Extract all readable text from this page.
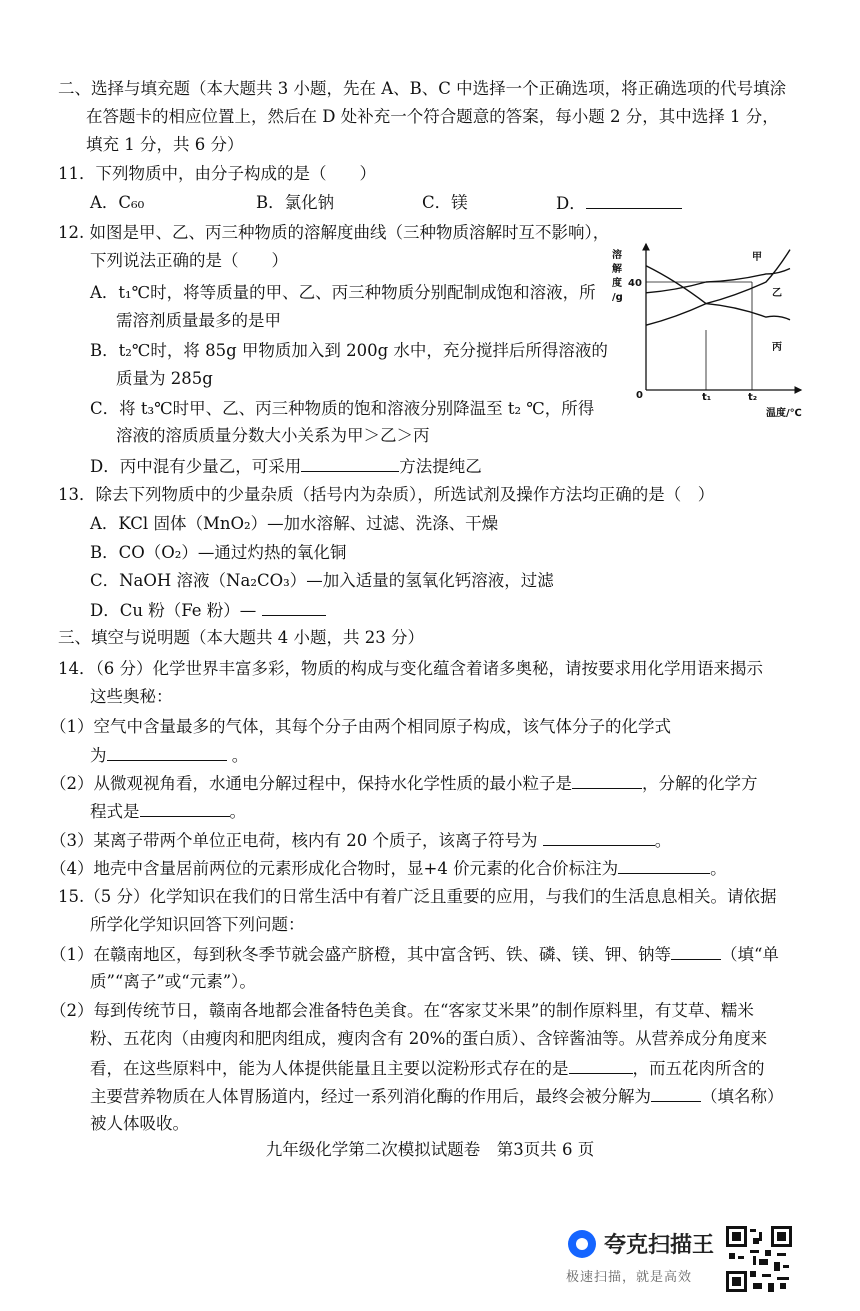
二、选择与填充题（本大题共 3 小题，先在 A、B、C 中选择一个正确选项，将正确选项的代号填涂
在答题卡的相应位置上，然后在 D 处补充一个符合题意的答案，每小题 2 分，其中选择 1 分，
填充 1 分，共 6 分）
11．下列物质中，由分子构成的是（　　）
A．C₆₀	B．氯化钠	C．镁	D．
12. 如图是甲、乙、丙三种物质的溶解度曲线（三种物质溶解时互不影响），
下列说法正确的是（　　）
A．t₁℃时，将等质量的甲、乙、丙三种物质分别配制成饱和溶液，所
需溶剂质量最多的是甲
B．t₂℃时，将 85g 甲物质加入到 200g 水中，充分搅拌后所得溶液的
质量为 285g
C．将 t₃℃时甲、乙、丙三种物质的饱和溶液分别降温至 t₂ ℃，所得
溶液的溶质质量分数大小关系为甲＞乙＞丙
D．丙中混有少量乙，可采用	方法提纯乙
溶
解
度
/g
40
0	t₁	t₂
温度/℃
甲
乙
丙
13．除去下列物质中的少量杂质（括号内为杂质），所选试剂及操作方法均正确的是（　）
A．KCl 固体（MnO₂）—加水溶解、过滤、洗涤、干燥
B．CO（O₂）—通过灼热的氧化铜
C．NaOH 溶液（Na₂CO₃）—加入适量的氢氧化钙溶液，过滤
D．Cu 粉（Fe 粉）—
三、填空与说明题（本大题共 4 小题，共 23 分）
14．（6 分）化学世界丰富多彩，物质的构成与变化蕴含着诸多奥秘，请按要求用化学用语来揭示
这些奥秘：
（1）空气中含量最多的气体，其每个分子由两个相同原子构成，该气体分子的化学式
为	。
（2）从微观视角看，水通电分解过程中，保持水化学性质的最小粒子是	，分解的化学方
程式是	。
（3）某离子带两个单位正电荷，核内有 20 个质子，该离子符号为	。
（4）地壳中含量居前两位的元素形成化合物时，显+4 价元素的化合价标注为	。
15.（5 分）化学知识在我们的日常生活中有着广泛且重要的应用，与我们的生活息息相关。请依据
所学化学知识回答下列问题：
（1）在赣南地区，每到秋冬季节就会盛产脐橙，其中富含钙、铁、磷、镁、钾、钠等	（填“单
质”“离子”或“元素”）。
（2）每到传统节日，赣南各地都会准备特色美食。在“客家艾米果”的制作原料里，有艾草、糯米
粉、五花肉（由瘦肉和肥肉组成，瘦肉含有 20%的蛋白质）、含锌酱油等。从营养成分角度来
看，在这些原料中，能为人体提供能量且主要以淀粉形式存在的是	，而五花肉所含的
主要营养物质在人体胃肠道内，经过一系列消化酶的作用后，最终会被分解为	（填名称）
被人体吸收。
九年级化学第二次模拟试题卷　第3页共 6 页
夸克扫描王
极速扫描，就是高效
